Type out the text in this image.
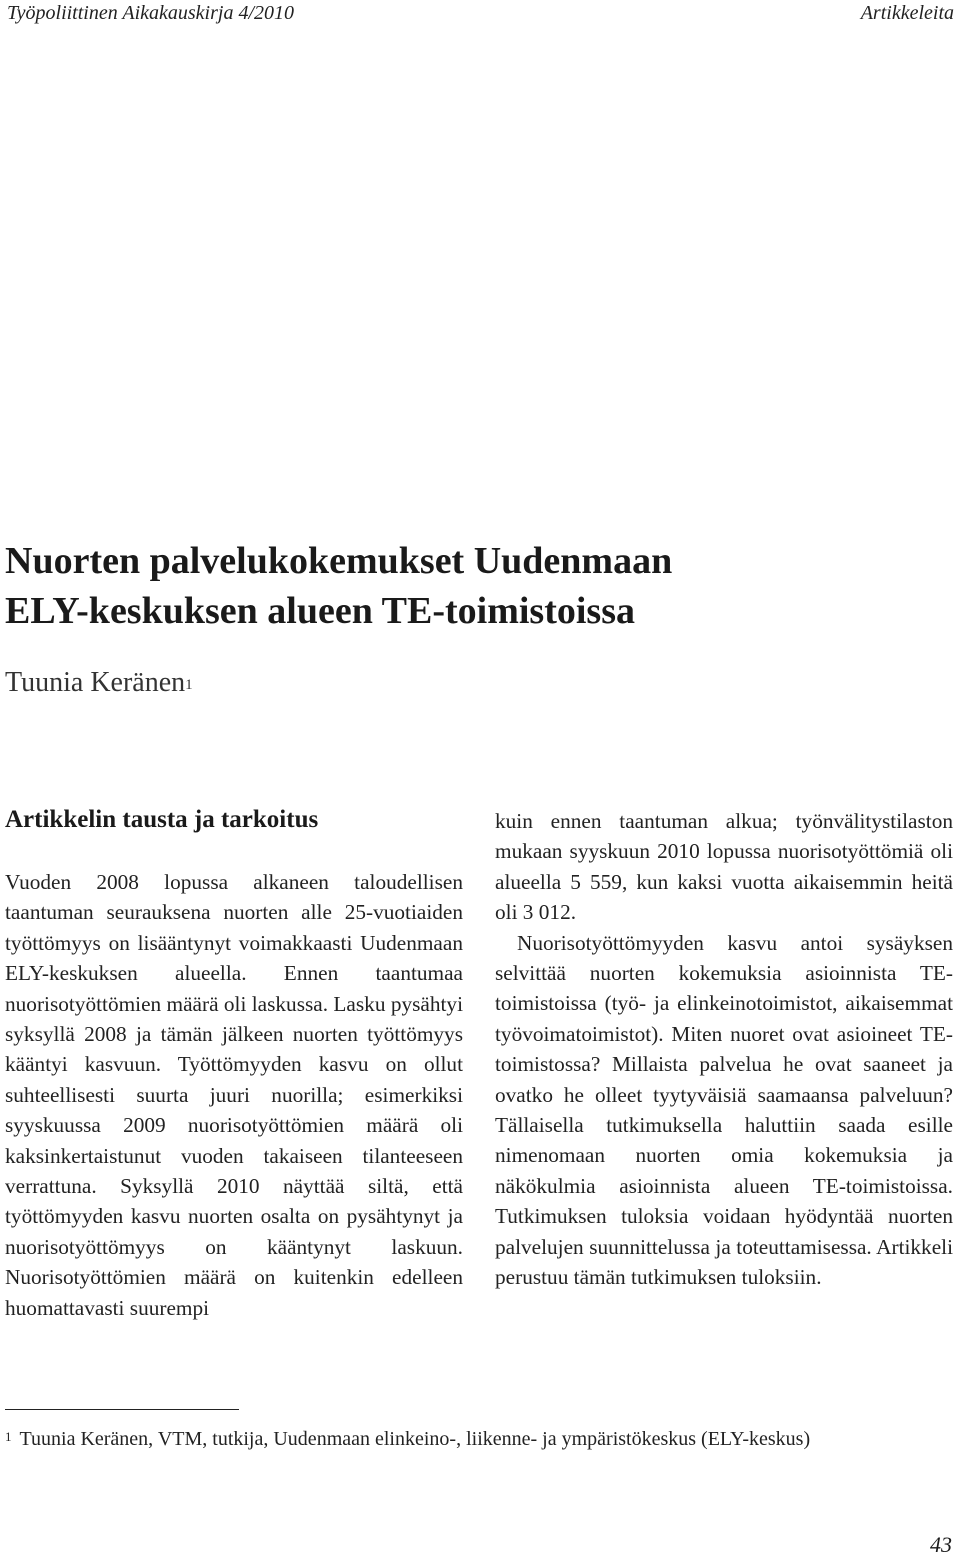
Työpoliittinen Aikakauskirja 4/2010	Artikkeleita
Nuorten palvelukokemukset Uudenmaan
ELY-keskuksen alueen TE-toimistoissa
Tuunia Keränen$^1$
Artikkelin tausta ja tarkoitus

Vuoden 2008 lopussa alkaneen taloudellisen taantuman seurauksena nuorten alle 25-vuotiaiden työttömyys on lisääntynyt voimakkaasti Uudenmaan ELY-keskuksen alueella. Ennen taantumaa nuorisotyöttömien määrä oli laskussa. Lasku pysähtyi syksyllä 2008 ja tämän jälkeen nuorten työttömyys kääntyi kasvuun. Työttömyyden kasvu on ollut suhteellisesti suurta juuri nuorilla; esimerkiksi syyskuussa 2009 nuorisotyöttömien määrä oli kaksinkertaistunut vuoden takaiseen tilanteeseen verrattuna. Syksyllä 2010 näyttää siltä, että työttömyyden kasvu nuorten osalta on pysähtynyt ja nuorisotyöttömyys on kääntynyt laskuun. Nuorisotyöttömien määrä on kuitenkin edelleen huomattavasti suurempi

kuin ennen taantuman alkua; työnvälitystilaston mukaan syyskuun 2010 lopussa nuorisotyöttömiä oli alueella 5 559, kun kaksi vuotta aikaisemmin heitä oli 3 012.

Nuorisotyöttömyyden kasvu antoi sysäyksen selvittää nuorten kokemuksia asioinnista TE-toimistoissa (työ- ja elinkeinotoimistot, aikaisemmat työvoimatoimistot). Miten nuoret ovat asioineet TE-toimistossa? Millaista palvelua he ovat saaneet ja ovatko he olleet tyytyväisiä saamaansa palveluun? Tällaisella tutkimuksella haluttiin saada esille nimenomaan nuorten omia kokemuksia ja näkökulmia asioinnista alueen TE-toimistoissa. Tutkimuksen tuloksia voidaan hyödyntää nuorten palvelujen suunnittelussa ja toteuttamisessa. Artikkeli perustuu tämän tutkimuksen tuloksiin.

$^1$ Tuunia Keränen, VTM, tutkija, Uudenmaan elinkeino-, liikenne- ja ympäristökeskus (ELY-keskus)
43
